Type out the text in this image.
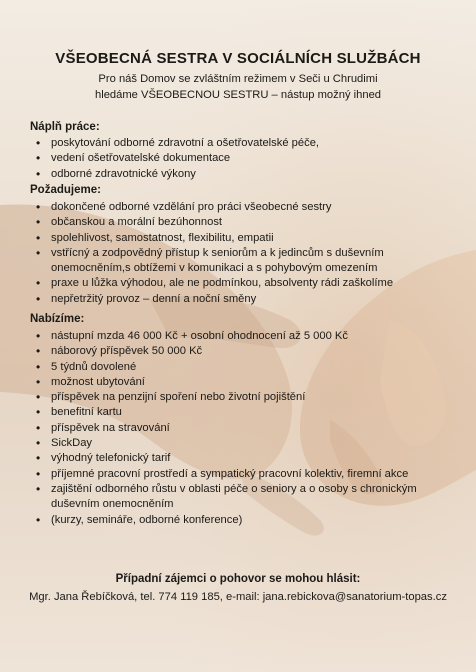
VŠEOBECNÁ SESTRA V SOCIÁLNÍCH SLUŽBÁCH
Pro náš Domov se zvláštním režimem v Seči u Chrudimi
hledáme VŠEOBECNOU SESTRU – nástup možný ihned
Náplň práce:
• poskytování odborné zdravotní a ošetřovatelské péče,
• vedení ošetřovatelské dokumentace
• odborné zdravotnické výkony
Požadujeme:
• dokončené odborné vzdělání pro práci všeobecné sestry
• občanskou a morální bezúhonnost
• spolehlivost, samostatnost, flexibilitu, empatii
• vstřícný a zodpovědný přístup k seniorům a k jedincům s duševním onemocněním,s obtížemi v komunikaci a s pohybovým omezením
• praxe u lůžka výhodou, ale ne podmínkou, absolventy rádi zaškolíme
• nepřetržitý provoz – denní a noční směny
Nabízíme:
• nástupní mzda 46 000 Kč + osobní ohodnocení až 5 000 Kč
• náborový příspěvek 50 000 Kč
• 5 týdnů dovolené
• možnost ubytování
• příspěvek na penzijní spoření nebo životní pojištění
• benefitní kartu
• příspěvek na stravování
• SickDay
• výhodný telefonický tarif
• příjemné pracovní prostředí a sympatický pracovní kolektiv, firemní akce
• zajištění odborného růstu v oblasti péče o seniory a o osoby s chronickým duševním onemocněním
• (kurzy, semináře, odborné konference)
Případní zájemci o pohovor se mohou hlásit:
Mgr. Jana Řebíčková, tel. 774 119 185, e-mail: jana.rebickova@sanatorium-topas.cz
